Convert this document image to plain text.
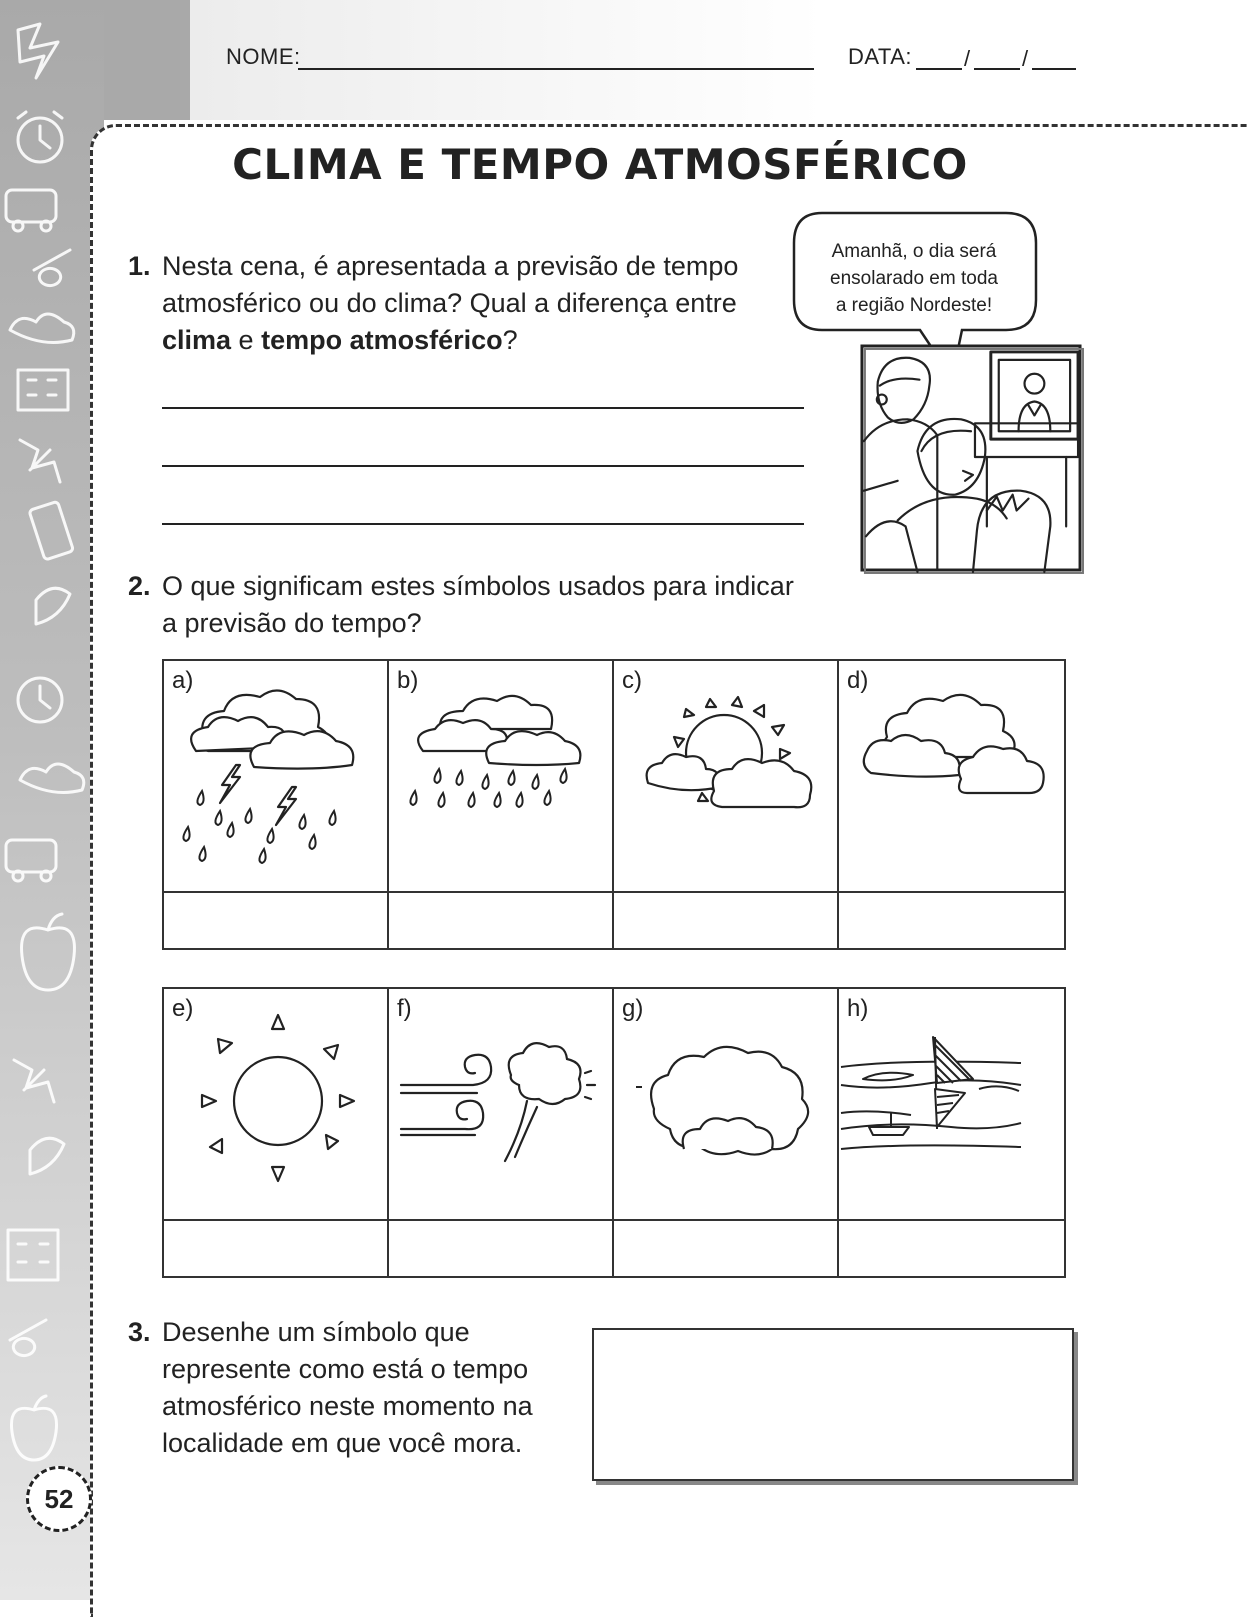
NOME:	DATA: / /
CLIMA E TEMPO ATMOSFÉRICO
1. Nesta cena, é apresentada a previsão de tempo atmosférico ou do clima? Qual a diferença entre clima e tempo atmosférico?
Amanhã, o dia será
ensolarado em toda
a região Nordeste!
2. O que significam estes símbolos usados para indicar a previsão do tempo?
a)	b)	c)	d)
e)	f)	g)	h)
3. Desenhe um símbolo que represente como está o tempo atmosférico neste momento na localidade em que você mora.
52
